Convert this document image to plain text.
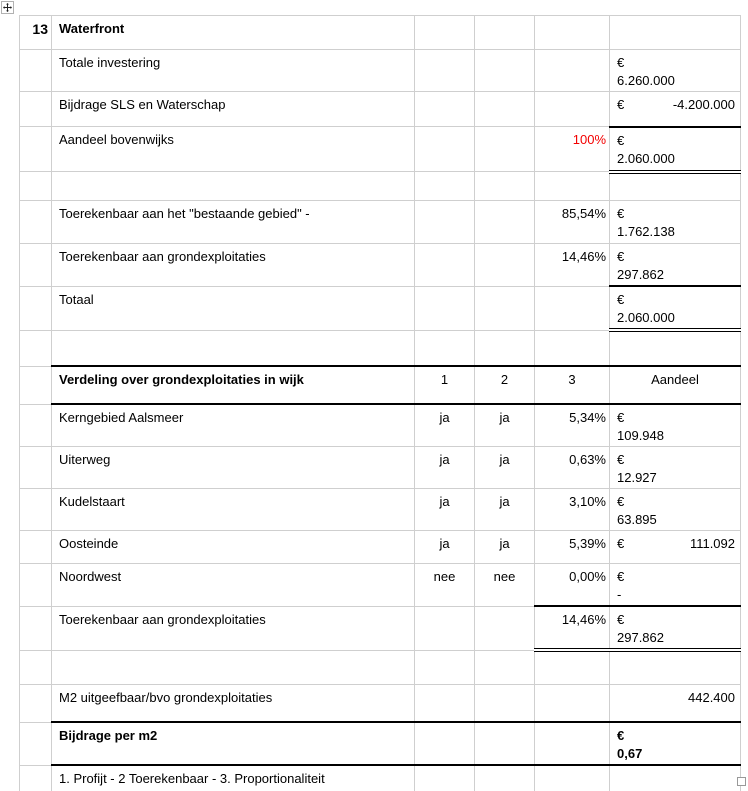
13	Waterfront				
	Totale investering				€
6.260.000

	Bijdrage SLS en Waterschap				€ -4.200.000

	Aandeel bovenwijks			100%	€
2.060.000

	Toerekenbaar aan het "bestaande gebied" -			85,54%	€
1.762.138

	Toerekenbaar aan grondexploitaties			14,46%	€
297.862

	Totaal				€
2.060.000

	Verdeling over grondexploitaties in wijk	1	2	3	Aandeel
	Kerngebied Aalsmeer	ja	ja	5,34%	€
109.948

	Uiterweg	ja	ja	0,63%	€
12.927

	Kudelstaart	ja	ja	3,10%	€
63.895

	Oosteinde	ja	ja	5,39%	€ 111.092

	Noordwest	nee	nee	0,00%	€
-

	Toerekenbaar aan grondexploitaties			14,46%	€
297.862

	M2 uitgeefbaar/bvo grondexploitaties				442.400
	Bijdrage per m2				€
0,67

	1. Profijt - 2 Toerekenbaar - 3. Proportionaliteit				
